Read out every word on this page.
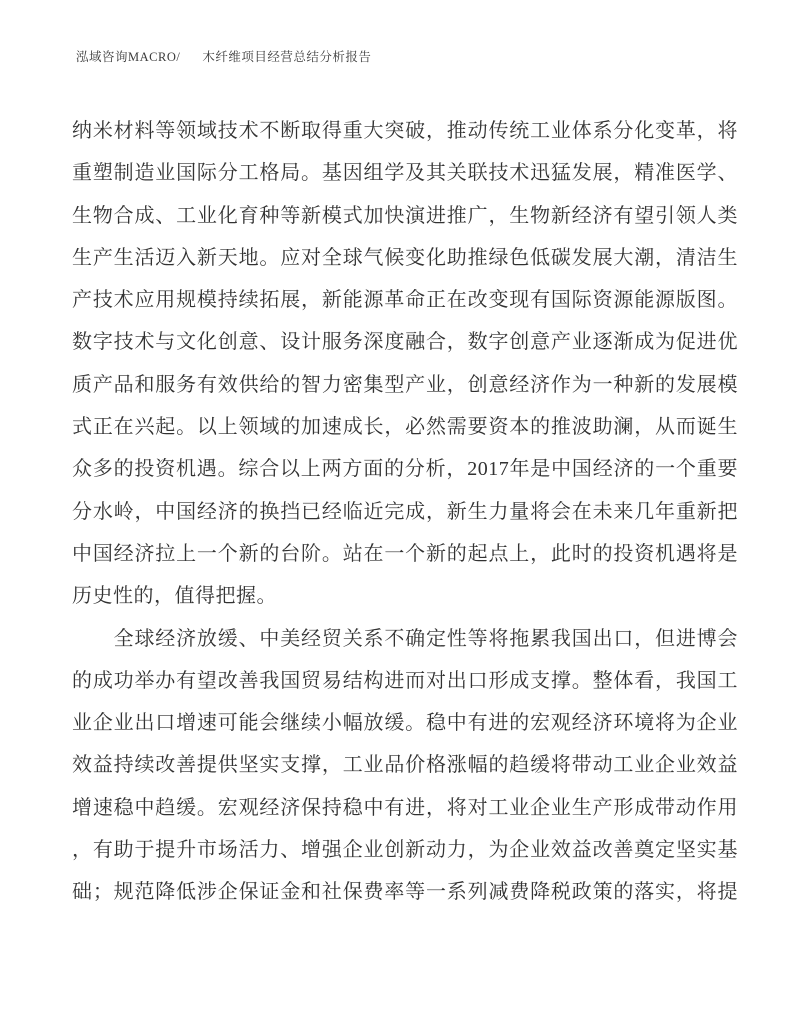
泓域咨询MACRO/ 木纤维项目经营总结分析报告
纳米材料等领域技术不断取得重大突破，推动传统工业体系分化变革，将
重塑制造业国际分工格局。基因组学及其关联技术迅猛发展，精准医学、
生物合成、工业化育种等新模式加快演进推广，生物新经济有望引领人类
生产生活迈入新天地。应对全球气候变化助推绿色低碳发展大潮，清洁生
产技术应用规模持续拓展，新能源革命正在改变现有国际资源能源版图。
数字技术与文化创意、设计服务深度融合，数字创意产业逐渐成为促进优
质产品和服务有效供给的智力密集型产业，创意经济作为一种新的发展模
式正在兴起。以上领域的加速成长，必然需要资本的推波助澜，从而诞生
众多的投资机遇。综合以上两方面的分析，2017年是中国经济的一个重要
分水岭，中国经济的换挡已经临近完成，新生力量将会在未来几年重新把
中国经济拉上一个新的台阶。站在一个新的起点上，此时的投资机遇将是
历史性的，值得把握。
　　全球经济放缓、中美经贸关系不确定性等将拖累我国出口，但进博会
的成功举办有望改善我国贸易结构进而对出口形成支撑。整体看，我国工
业企业出口增速可能会继续小幅放缓。稳中有进的宏观经济环境将为企业
效益持续改善提供坚实支撑，工业品价格涨幅的趋缓将带动工业企业效益
增速稳中趋缓。宏观经济保持稳中有进，将对工业企业生产形成带动作用
，有助于提升市场活力、增强企业创新动力，为企业效益改善奠定坚实基
础；规范降低涉企保证金和社保费率等一系列减费降税政策的落实，将提
